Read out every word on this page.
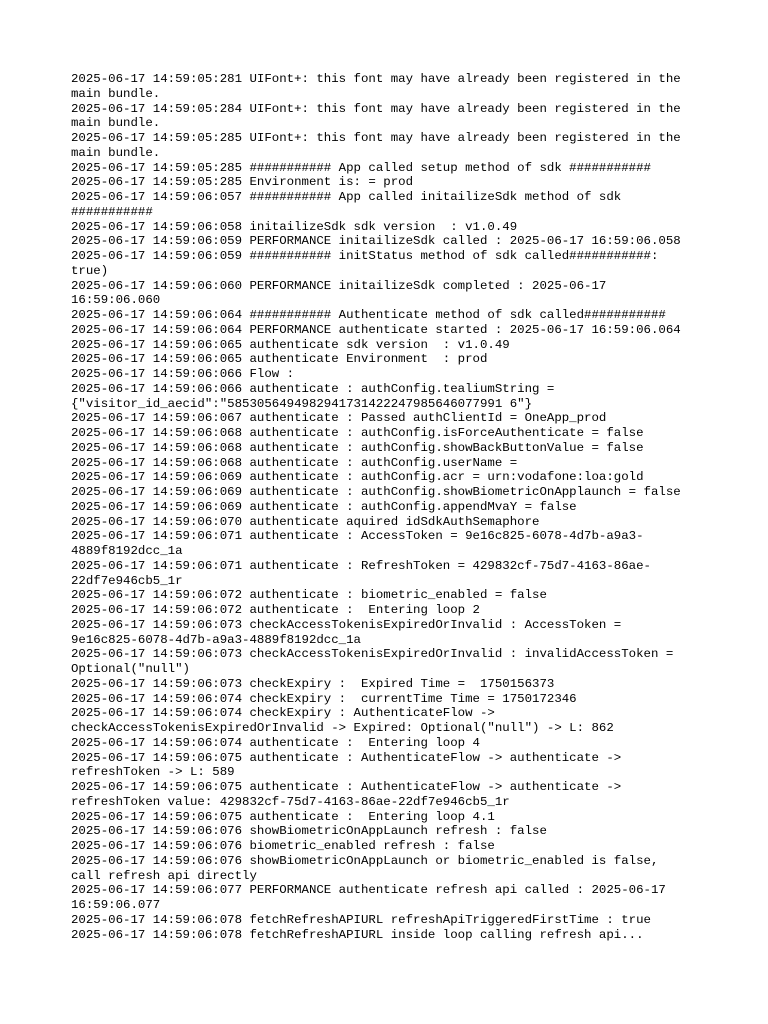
2025-06-17 14:59:05:281 UIFont+: this font may have already been registered in the
main bundle.
2025-06-17 14:59:05:284 UIFont+: this font may have already been registered in the
main bundle.
2025-06-17 14:59:05:285 UIFont+: this font may have already been registered in the
main bundle.
2025-06-17 14:59:05:285 ########### App called setup method of sdk ###########
2025-06-17 14:59:05:285 Environment is: = prod
2025-06-17 14:59:06:057 ########### App called initailizeSdk method of sdk
###########
2025-06-17 14:59:06:058 initailizeSdk sdk version  : v1.0.49
2025-06-17 14:59:06:059 PERFORMANCE initailizeSdk called : 2025-06-17 16:59:06.058
2025-06-17 14:59:06:059 ########### initStatus method of sdk called###########:
true)
2025-06-17 14:59:06:060 PERFORMANCE initailizeSdk completed : 2025-06-17
16:59:06.060
2025-06-17 14:59:06:064 ########### Authenticate method of sdk called###########
2025-06-17 14:59:06:064 PERFORMANCE authenticate started : 2025-06-17 16:59:06.064
2025-06-17 14:59:06:065 authenticate sdk version  : v1.0.49
2025-06-17 14:59:06:065 authenticate Environment  : prod
2025-06-17 14:59:06:066 Flow :
2025-06-17 14:59:06:066 authenticate : authConfig.tealiumString =
{"visitor_id_aecid":"5853056494982941731422247985646077991 6"}
2025-06-17 14:59:06:067 authenticate : Passed authClientId = OneApp_prod
2025-06-17 14:59:06:068 authenticate : authConfig.isForceAuthenticate = false
2025-06-17 14:59:06:068 authenticate : authConfig.showBackButtonValue = false
2025-06-17 14:59:06:068 authenticate : authConfig.userName =
2025-06-17 14:59:06:069 authenticate : authConfig.acr = urn:vodafone:loa:gold
2025-06-17 14:59:06:069 authenticate : authConfig.showBiometricOnApplaunch = false
2025-06-17 14:59:06:069 authenticate : authConfig.appendMvaY = false
2025-06-17 14:59:06:070 authenticate aquired idSdkAuthSemaphore
2025-06-17 14:59:06:071 authenticate : AccessToken = 9e16c825-6078-4d7b-a9a3-
4889f8192dcc_1a
2025-06-17 14:59:06:071 authenticate : RefreshToken = 429832cf-75d7-4163-86ae-
22df7e946cb5_1r
2025-06-17 14:59:06:072 authenticate : biometric_enabled = false
2025-06-17 14:59:06:072 authenticate :  Entering loop 2
2025-06-17 14:59:06:073 checkAccessTokenisExpiredOrInvalid : AccessToken =
9e16c825-6078-4d7b-a9a3-4889f8192dcc_1a
2025-06-17 14:59:06:073 checkAccessTokenisExpiredOrInvalid : invalidAccessToken =
Optional("null")
2025-06-17 14:59:06:073 checkExpiry :  Expired Time =  1750156373
2025-06-17 14:59:06:074 checkExpiry :  currentTime Time = 1750172346
2025-06-17 14:59:06:074 checkExpiry : AuthenticateFlow ->
checkAccessTokenisExpiredOrInvalid -> Expired: Optional("null") -> L: 862
2025-06-17 14:59:06:074 authenticate :  Entering loop 4
2025-06-17 14:59:06:075 authenticate : AuthenticateFlow -> authenticate ->
refreshToken -> L: 589
2025-06-17 14:59:06:075 authenticate : AuthenticateFlow -> authenticate ->
refreshToken value: 429832cf-75d7-4163-86ae-22df7e946cb5_1r
2025-06-17 14:59:06:075 authenticate :  Entering loop 4.1
2025-06-17 14:59:06:076 showBiometricOnAppLaunch refresh : false
2025-06-17 14:59:06:076 biometric_enabled refresh : false
2025-06-17 14:59:06:076 showBiometricOnAppLaunch or biometric_enabled is false,
call refresh api directly
2025-06-17 14:59:06:077 PERFORMANCE authenticate refresh api called : 2025-06-17
16:59:06.077
2025-06-17 14:59:06:078 fetchRefreshAPIURL refreshApiTriggeredFirstTime : true
2025-06-17 14:59:06:078 fetchRefreshAPIURL inside loop calling refresh api...
